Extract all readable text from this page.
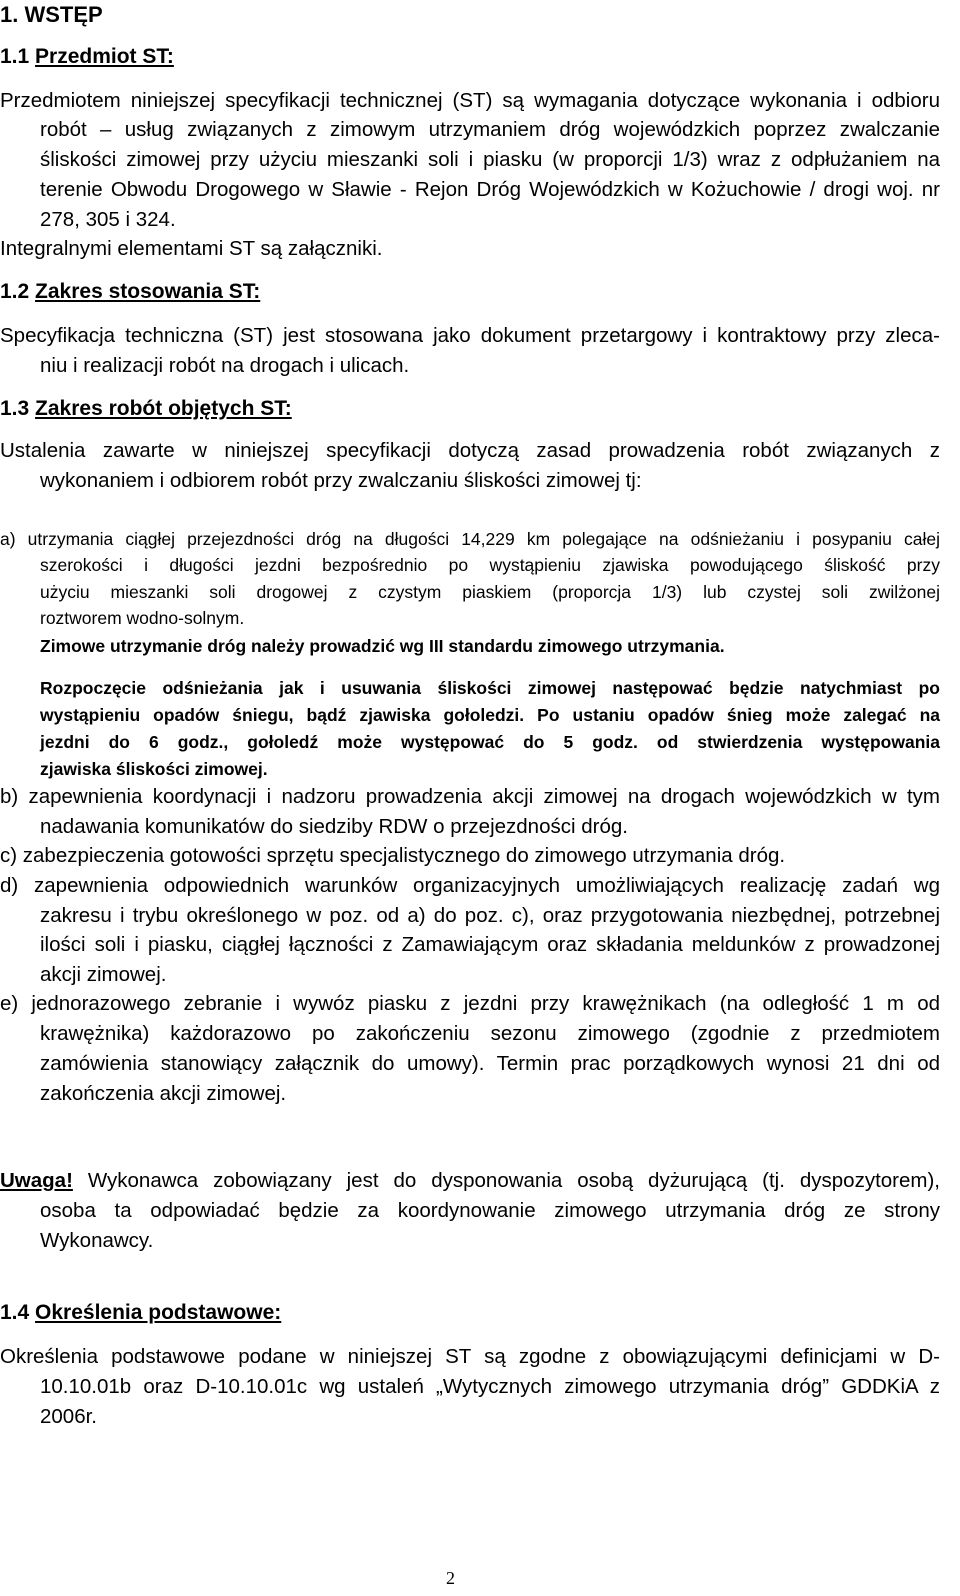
1. WSTĘP
1.1 Przedmiot ST:
Przedmiotem niniejszej specyfikacji technicznej (ST) są wymagania dotyczące wykonania i odbioru
robót – usług związanych z zimowym utrzymaniem dróg wojewódzkich poprzez zwalczanie
śliskości zimowej przy użyciu mieszanki soli i piasku (w proporcji 1/3) wraz z odpłużaniem na
terenie Obwodu Drogowego w Sławie - Rejon Dróg Wojewódzkich w Kożuchowie / drogi woj. nr
278, 305 i 324.
Integralnymi elementami ST są załączniki.
1.2 Zakres stosowania ST:
Specyfikacja techniczna (ST) jest stosowana jako dokument przetargowy i kontraktowy przy zleca-
niu i realizacji robót na drogach i ulicach.
1.3 Zakres robót objętych ST:
Ustalenia zawarte w niniejszej specyfikacji dotyczą zasad prowadzenia robót związanych z
wykonaniem i odbiorem robót przy zwalczaniu śliskości zimowej tj:
a) utrzymania ciągłej przejezdności dróg na długości 14,229 km polegające na odśnieżaniu i posypaniu całej
szerokości i długości jezdni bezpośrednio po wystąpieniu zjawiska powodującego śliskość przy
użyciu mieszanki soli drogowej z czystym piaskiem (proporcja 1/3) lub czystej soli zwilżonej
roztworem wodno-solnym.
Zimowe utrzymanie dróg należy prowadzić wg III standardu zimowego utrzymania.
Rozpoczęcie odśnieżania jak i usuwania śliskości zimowej następować będzie natychmiast po
wystąpieniu opadów śniegu, bądź zjawiska gołoledzi. Po ustaniu opadów śnieg może zalegać na
jezdni do 6 godz., gołoledź może występować do 5 godz. od stwierdzenia występowania
zjawiska śliskości zimowej.
b) zapewnienia koordynacji i nadzoru prowadzenia akcji zimowej na drogach wojewódzkich w tym
nadawania komunikatów do siedziby RDW o przejezdności dróg.
c) zabezpieczenia gotowości sprzętu specjalistycznego do zimowego utrzymania dróg.
d) zapewnienia odpowiednich warunków organizacyjnych umożliwiających realizację zadań wg
zakresu i trybu określonego w poz. od a) do poz. c), oraz przygotowania niezbędnej, potrzebnej
ilości soli i piasku, ciągłej łączności z Zamawiającym oraz składania meldunków z prowadzonej
akcji zimowej.
e) jednorazowego zebranie i wywóz piasku z jezdni przy krawężnikach (na odległość 1 m od
krawężnika) każdorazowo po zakończeniu sezonu zimowego (zgodnie z przedmiotem
zamówienia stanowiący załącznik do umowy). Termin prac porządkowych wynosi 21 dni od
zakończenia akcji zimowej.
Uwaga! Wykonawca zobowiązany jest do dysponowania osobą dyżurującą (tj. dyspozytorem),
osoba ta odpowiadać będzie za koordynowanie zimowego utrzymania dróg ze strony
Wykonawcy.
1.4 Określenia podstawowe:
Określenia podstawowe podane w niniejszej ST są zgodne z obowiązującymi definicjami w D-
10.10.01b oraz D-10.10.01c wg ustaleń „Wytycznych zimowego utrzymania dróg” GDDKiA z
2006r.
2
